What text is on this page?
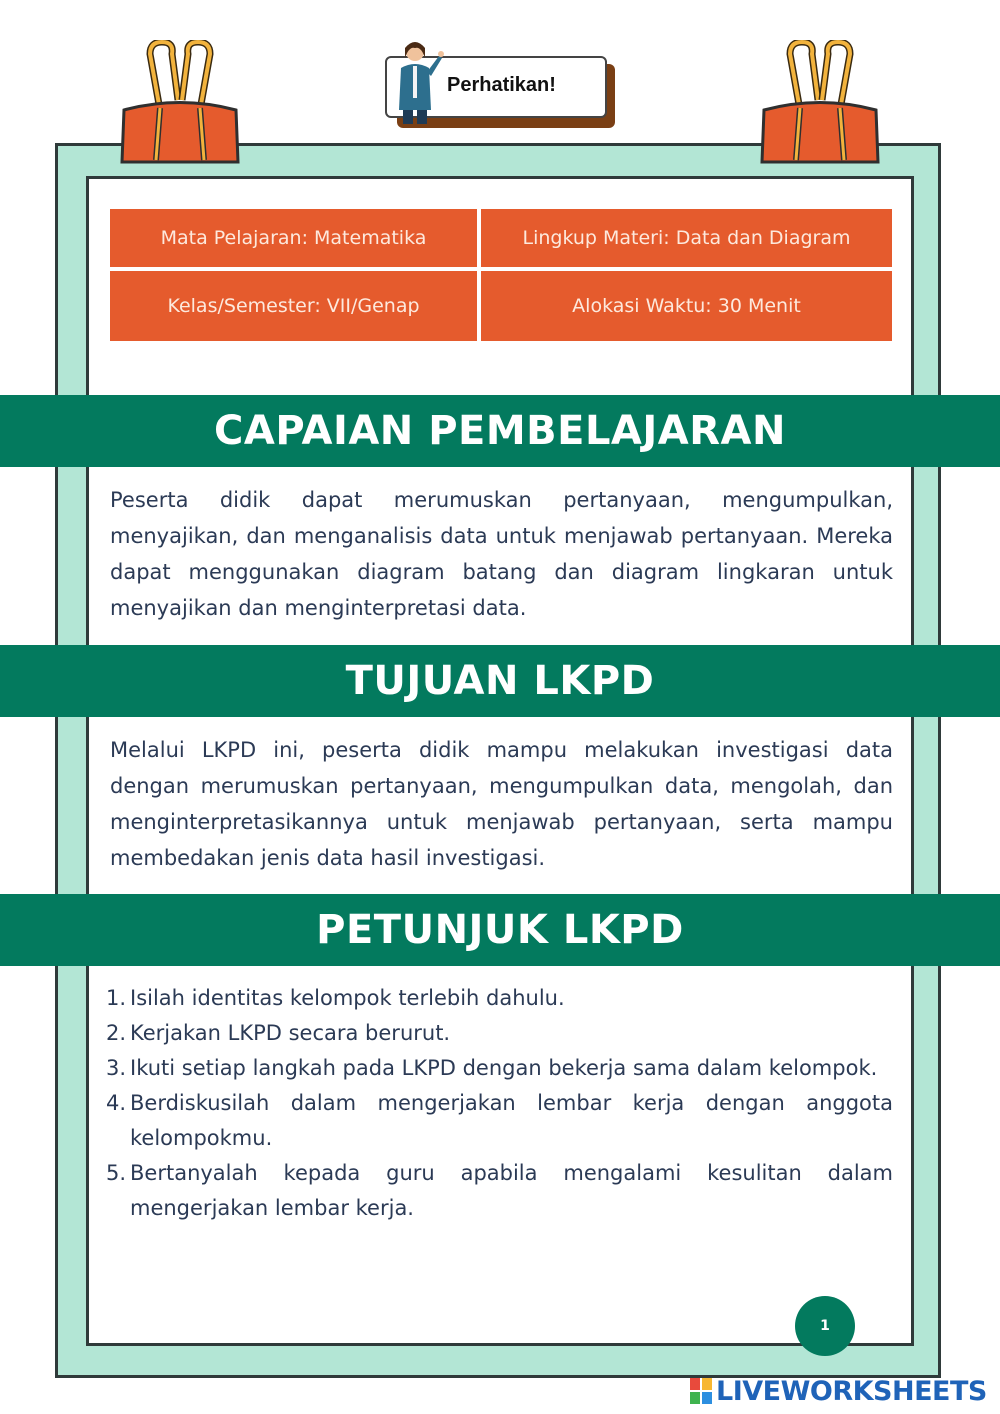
Perhatikan!
Mata Pelajaran: Matematika	Lingkup Materi: Data dan Diagram
Kelas/Semester: VII/Genap	Alokasi Waktu: 30 Menit
CAPAIAN PEMBELAJARAN
Peserta didik dapat merumuskan pertanyaan, mengumpulkan, menyajikan, dan menganalisis data untuk menjawab pertanyaan. Mereka dapat menggunakan diagram batang dan diagram lingkaran untuk menyajikan dan menginterpretasi data.
TUJUAN LKPD
Melalui LKPD ini, peserta didik mampu melakukan investigasi data dengan merumuskan pertanyaan, mengumpulkan data, mengolah, dan menginterpretasikannya untuk menjawab pertanyaan, serta mampu membedakan jenis data hasil investigasi.
PETUNJUK LKPD
1. Isilah identitas kelompok terlebih dahulu.
2. Kerjakan LKPD secara berurut.
3. Ikuti setiap langkah pada LKPD dengan bekerja sama dalam kelompok.
4. Berdiskusilah dalam mengerjakan lembar kerja dengan anggota kelompokmu.
5. Bertanyalah kepada guru apabila mengalami kesulitan dalam mengerjakan lembar kerja.
1
LIVEWORKSHEETS
